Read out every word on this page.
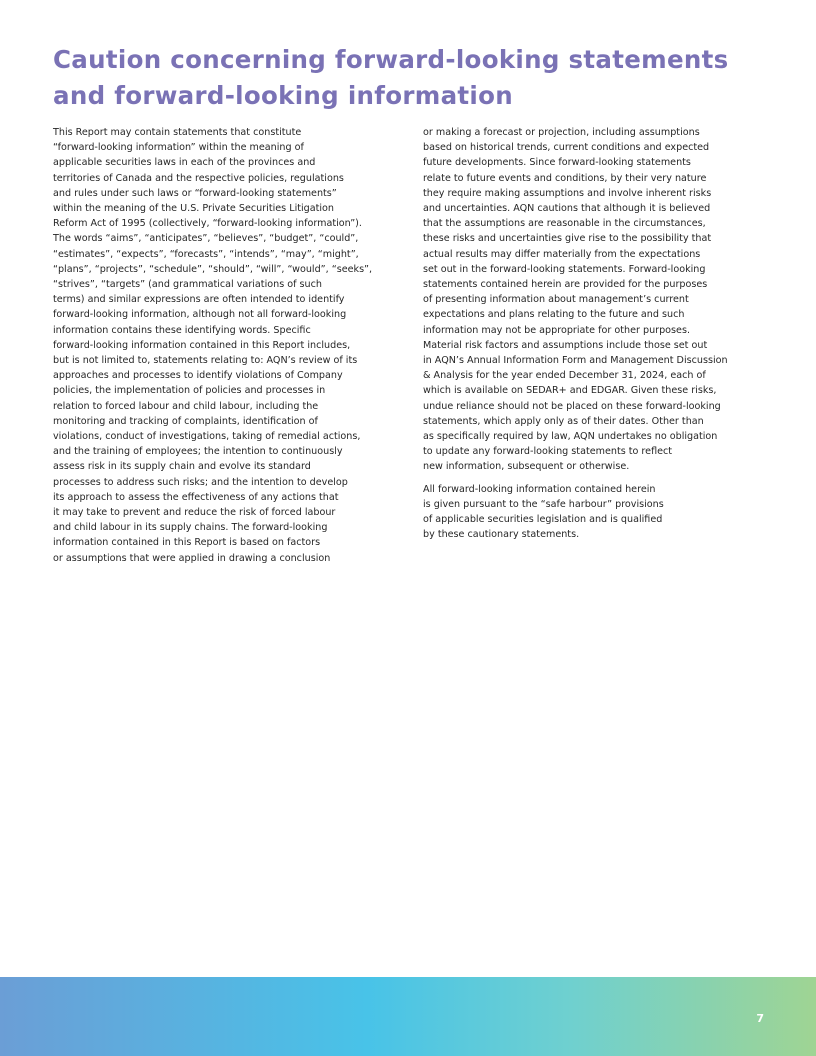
Caution concerning forward-looking statements
and forward-looking information
This Report may contain statements that constitute
“forward-looking information” within the meaning of
applicable securities laws in each of the provinces and
territories of Canada and the respective policies, regulations
and rules under such laws or “forward-looking statements”
within the meaning of the U.S. Private Securities Litigation
Reform Act of 1995 (collectively, “forward-looking information”).
The words “aims”, “anticipates”, “believes”, “budget”, “could”,
“estimates”, “expects”, “forecasts”, “intends”, “may”, “might”,
“plans”, “projects”, “schedule”, “should”, “will”, “would”, “seeks”,
“strives”, “targets” (and grammatical variations of such
terms) and similar expressions are often intended to identify
forward-looking information, although not all forward-looking
information contains these identifying words. Specific
forward-looking information contained in this Report includes,
but is not limited to, statements relating to: AQN’s review of its
approaches and processes to identify violations of Company
policies, the implementation of policies and processes in
relation to forced labour and child labour, including the
monitoring and tracking of complaints, identification of
violations, conduct of investigations, taking of remedial actions,
and the training of employees; the intention to continuously
assess risk in its supply chain and evolve its standard
processes to address such risks; and the intention to develop
its approach to assess the effectiveness of any actions that
it may take to prevent and reduce the risk of forced labour
and child labour in its supply chains. The forward-looking
information contained in this Report is based on factors
or assumptions that were applied in drawing a conclusion
or making a forecast or projection, including assumptions
based on historical trends, current conditions and expected
future developments. Since forward-looking statements
relate to future events and conditions, by their very nature
they require making assumptions and involve inherent risks
and uncertainties. AQN cautions that although it is believed
that the assumptions are reasonable in the circumstances,
these risks and uncertainties give rise to the possibility that
actual results may differ materially from the expectations
set out in the forward-looking statements. Forward-looking
statements contained herein are provided for the purposes
of presenting information about management’s current
expectations and plans relating to the future and such
information may not be appropriate for other purposes.
Material risk factors and assumptions include those set out
in AQN’s Annual Information Form and Management Discussion
& Analysis for the year ended December 31, 2024, each of
which is available on SEDAR+ and EDGAR. Given these risks,
undue reliance should not be placed on these forward-looking
statements, which apply only as of their dates. Other than
as specifically required by law, AQN undertakes no obligation
to update any forward-looking statements to reflect
new information, subsequent or otherwise.
All forward-looking information contained herein
is given pursuant to the “safe harbour” provisions
of applicable securities legislation and is qualified
by these cautionary statements.
7
